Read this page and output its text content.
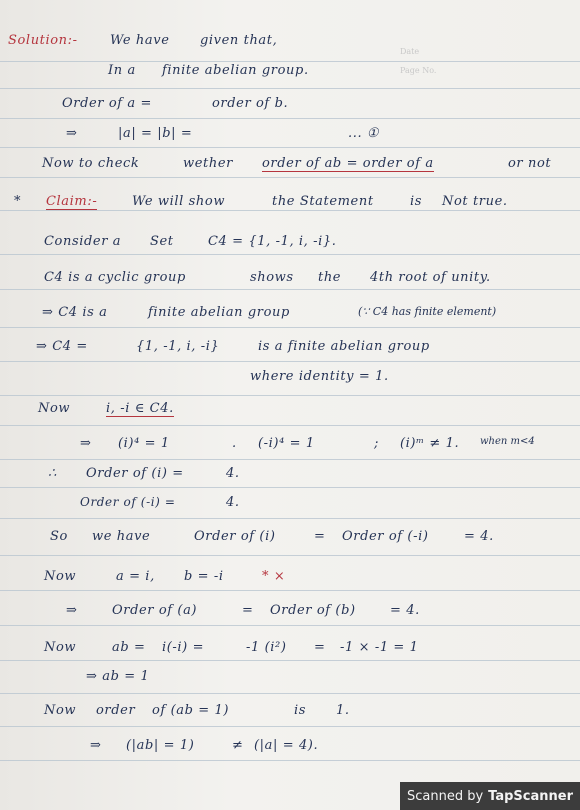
Date
Page No.
Solution:- We have given that,
In a finite abelian group.
Order of a =	order of b.
⇒	|a| = |b| =	... ①
Now to check	wether order of ab = order of a	or not
* Claim:-	We will show	the Statement	is Not true.
Consider a Set	C4 = {1, -1, i, -i}.
C4 is a cyclic group	shows the 4th root of unity.
⇒ C4 is a	finite abelian group	(∵ C4 has finite element)
⇒ C4 =	{1, -1, i, -i}	is a finite abelian group
where identity = 1.
Now	i, -i ∈ C4.
⇒ (i)⁴ = 1	. (-i)⁴ = 1	; (i)ᵐ ≠ 1. when m<4
∴ Order of (i) =	4.
Order of (-i) =	4.
So we have	Order of (i)	= Order of (-i)	= 4.
Now	a = i, b = -i	* ×
⇒	Order of (a)	= Order of (b)	= 4.
Now	ab = i(-i) =	-1 (i²) = -1 × -1 = 1
⇒ ab = 1
Now order of (ab = 1)	is 1.
⇒ (|ab| = 1)	≠ (|a| = 4).
Scanned by TapScanner
